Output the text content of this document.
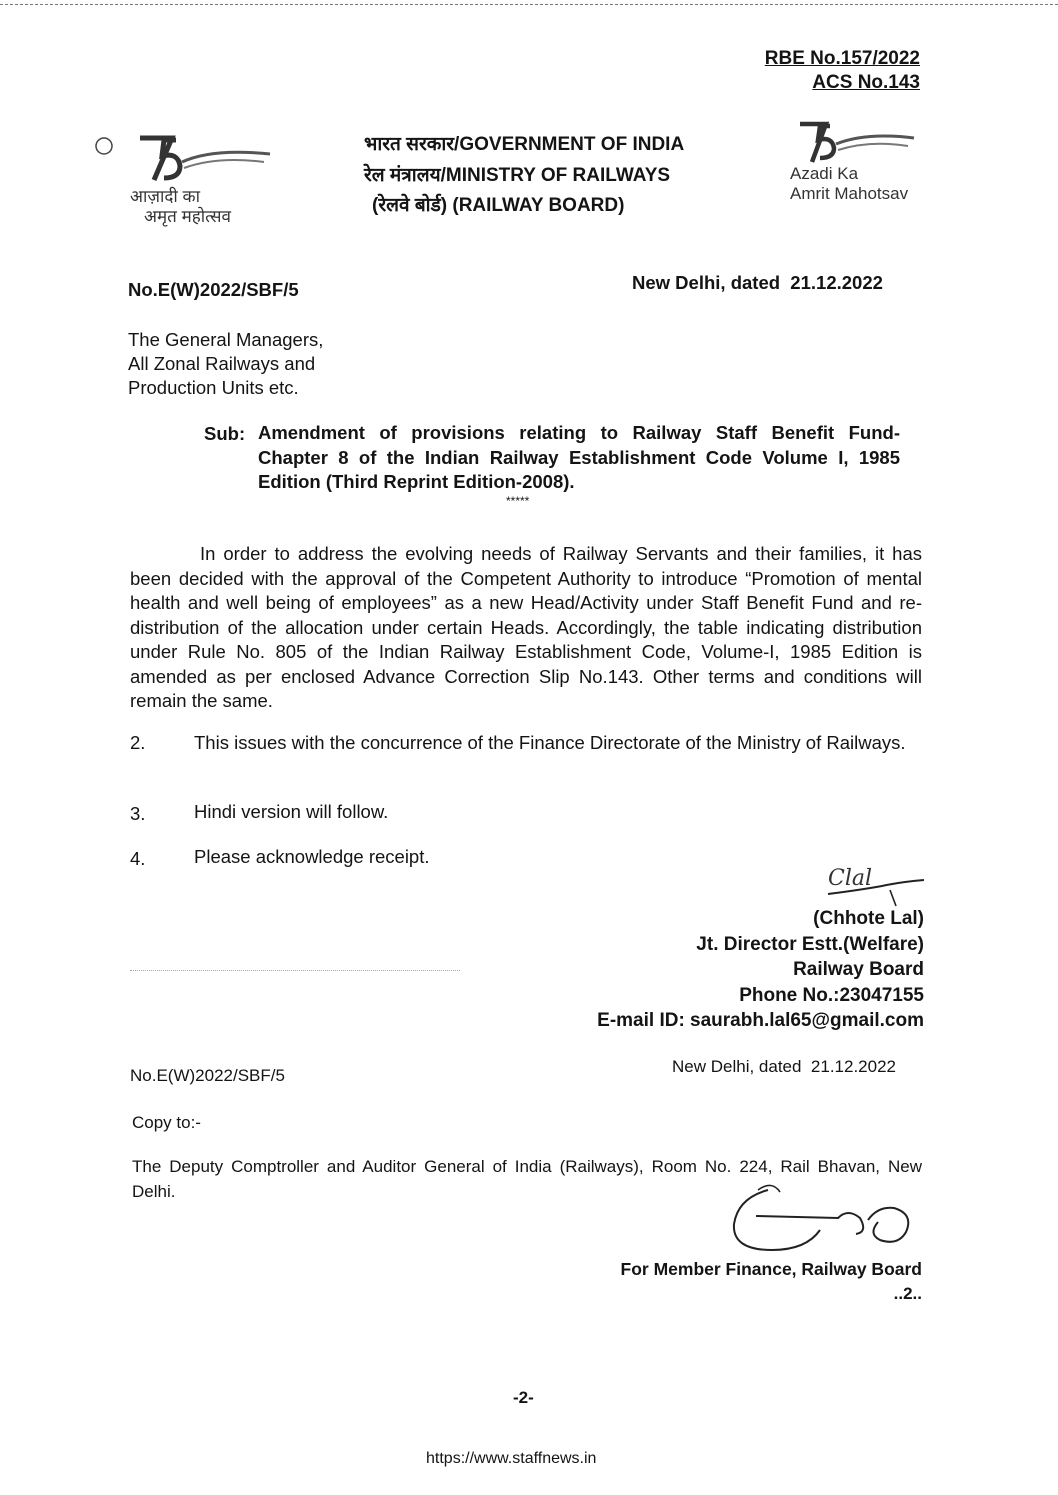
RBE No.157/2022
ACS No.143
आज़ादी का
अमृत महोत्सव
भारत सरकार/GOVERNMENT OF INDIA
रेल मंत्रालय/MINISTRY OF RAILWAYS
(रेलवे बोर्ड) (RAILWAY BOARD)
Azadi Ka
Amrit Mahotsav
No.E(W)2022/SBF/5	New Delhi, dated  21.12.2022
The General Managers,
All Zonal Railways and
Production Units etc.
Sub: Amendment of provisions relating to Railway Staff Benefit Fund- Chapter 8 of the Indian Railway Establishment Code Volume I, 1985 Edition (Third Reprint Edition-2008).
*****
In order to address the evolving needs of Railway Servants and their families, it has been decided with the approval of the Competent Authority to introduce “Promotion of mental health and well being of employees” as a new Head/Activity under Staff Benefit Fund and re-distribution of the allocation under certain Heads. Accordingly, the table indicating distribution under Rule No. 805 of the Indian Railway Establishment Code, Volume-I, 1985 Edition is amended as per enclosed Advance Correction Slip No.143. Other terms and conditions will remain the same.
2.	This issues with the concurrence of the Finance Directorate of the Ministry of Railways.
3.	Hindi version will follow.
4.	Please acknowledge receipt.
Clal
(Chhote Lal)
Jt. Director Estt.(Welfare)
Railway Board
Phone No.:23047155
E-mail ID: saurabh.lal65@gmail.com
No.E(W)2022/SBF/5	New Delhi, dated  21.12.2022
Copy to:-
The Deputy Comptroller and Auditor General of India (Railways), Room No. 224, Rail Bhavan, New Delhi.
For Member Finance, Railway Board
..2..
-2-
https://www.staffnews.in
